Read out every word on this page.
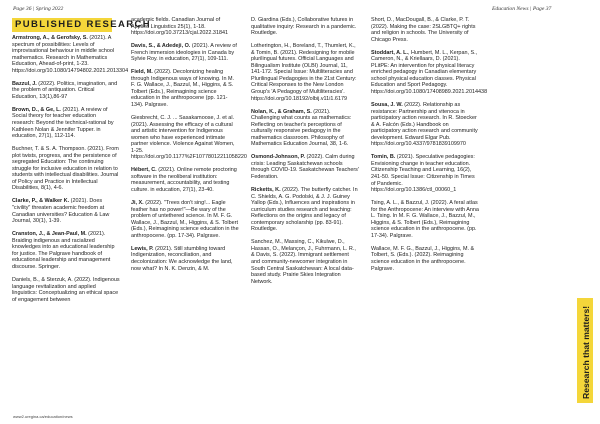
Page 36 | Spring 2022	Education News | Page 37
PUBLISHED RESEARCH
Armstrong, A., & Gerofsky, S. (2021). A spectrum of possibilities: Levels of improvisational behaviour in middle school mathematics. Research in Mathematics Education, Ahead-of-print, 1-23. https://doi.org/10.1080/14794802.2021.2013304
Bazzul, J. (2022). Politics, imagination, and the problem of antiquation. Critical Education, 13(1),86-97
Brown, D., & Ge, L. (2021). A review of Social theory for teacher education research: Beyond the technical-rational by Kathleen Nolan & Jennifer Tupper. in education, 27(1), 112-114.
Buchner, T. & S. A. Thompson. (2021). From plot twists, progress, and the persistence of segregated Education: The continuing struggle for inclusive education in relation to students with intellectual disabilities. Journal of Policy and Practice in Intellectual Disabilities, 8(1), 4-6.
Clarke, P., & Walker K. (2021). Does "civility" threaten academic freedom at Canadian universities? Education & Law Journal, 30(1), 1-39.
Cranston, J., & Jean-Paul, M. (2021). Braiding indigenous and racialized knowledges into an educational leadership for justice. The Palgrave handbook of educational leadership and management discourse. Springer.
Daniels, B., & Sterzuk, A. (2022). Indigenous language revitalization and applied linguistics: Conceptualizing an ethical space of engagement between
academic fields. Canadian Journal of Applied Linguistics 25(1), 1-18. https://doi.org/10.37213/cjal.2022.31841
Davis, S., & Adedeji, O. (2021). A review of French immersion ideologies in Canada by Sylvie Roy. in education, 27(1), 109-111.
Field, M. (2022). Decolonizing healing through Indigenous ways of knowing. In M. F. G. Wallace, J., Bazzul, M., Higgins, & S. Tolbert (Eds.), Reimagining science education in the anthropocene (pp. 121-134). Palgrave.
Giesbrecht, C. J. ... Sasakamoose, J. et al. (2021). Assessing the efficacy of a cultural and artistic intervention for Indigenous women who have experienced intimate partner violence. Violence Against Women, 1-25. https://doi.org/10.1177%2F10778012211058220
Hébert, C. (2021). Online remote proctoring software in the neoliberal institution: measurement, accountability, and testing culture. in education, 27(1), 23-40.
Ji, X. (2022). "Trees don't sing!... Eagle feather has no power!"—Be wary of the problem of untethered science. In M. F. G. Wallace, J., Bazzul, M., Higgins, & S. Tolbert (Eds.), Reimagining science education in the anthropocene. (pp. 17-34). Palgrave.
Lewis, P. (2021). Still stumbling toward Indigenization, reconciliation, and decolonization: We acknowledge the land, now what? In N. K. Denzin, & M.
D. Giardina (Eds.), Collaborative futures in qualitative inquiry: Research in a pandemic. Routledge.
Lotherington, H., Boreland, T., Thumlert, K., & Tomin, B. (2021). Redesigning for mobile plurilingual futures. Official Languages and Bilingualism Institute (OLBI) Journal, 11, 141-172. Special Issue: Multiliteracies and Plurilingual Pedagogies in the 21st Century: Critical Responses to the New London Group's 'A Pedagogy of Multiliteracies'. https://doi.org/10.18192/olbij.v11i1.6179
Nolan, K., & Graham, S. (2021). Challenging what counts as mathematics: Reflecting on teacher's perceptions of culturally responsive pedagogy in the mathematics classroom. Philosophy of Mathematics Education Journal, 38, 1-6.
Osmond-Johnson, P. (2022). Calm during crisis: Leading Saskatchewan schools through COVID-19. Saskatchewan Teachers' Federation.
Ricketts, K. (2022). The butterfly catcher. In C. Shields, A. G. Podolski, & J. J. Guiney Yallop (Eds.), Influences and inspirations in curriculum studies research and teaching: Reflections on the origins and legacy of contemporary scholarship (pp. 83-91). Routledge.
Sanchez, M., Massing, C., Kikulwe, D., Hassan, O., Melançon, J., Fuhrmann, L. R., & Davis, S. (2022). Immigrant settlement and community-newcomer integration in South Central Saskatchewan: A local data-based study. Prairie Skies Integration Network.
Short, D., MacDougall, B., & Clarke, P. T. (2022). Making the case: 2SLGBTQ+ rights and religion in schools. The University of Chicago Press.
Stoddart, A. L., Humbert, M. L., Kerpan, S., Cameron, N., & Kriellaars, D. (2021). PLitPE: An intervention for physical literacy enriched pedagogy in Canadian elementary school physical education classes. Physical Education and Sport Pedagogy. https://doi.org/10.1080/17408989.2021.2014438
Sousa, J. W. (2022). Relationship as resistance: Partnership and vitenoca in participatory action research. In R. Stoecker & A. Falcón (Eds.) Handbook on participatory action research and community development. Edward Elgar Pub. https://doi.org/10.4337/9781839109970
Tomin, B. (2021). Speculative pedagogies: Envisioning change in teacher education. Citizenship Teaching and Learning, 16(2), 241-50. Special Issue: Citizenship in Times of Pandemic. https://doi.org/10.1386/ctl_00060_1
Tsing, A. L., & Bazzul, J. (2022). A feral atlas for the Anthropocene: An interview with Anna L. Tsing. In M. F. G. Wallace, J., Bazzul, M., Higgins, & S. Tolbert (Eds.), Reimagining science education in the anthropocene. (pp. 17-34). Palgrave.
Wallace, M. F. G., Bazzul, J., Higgins, M. & Tolbert, S. (Eds.). (2022). Reimagining science education in the anthropocene. Palgrave.
Research that matters!
www2.uregina.ca/education/news
